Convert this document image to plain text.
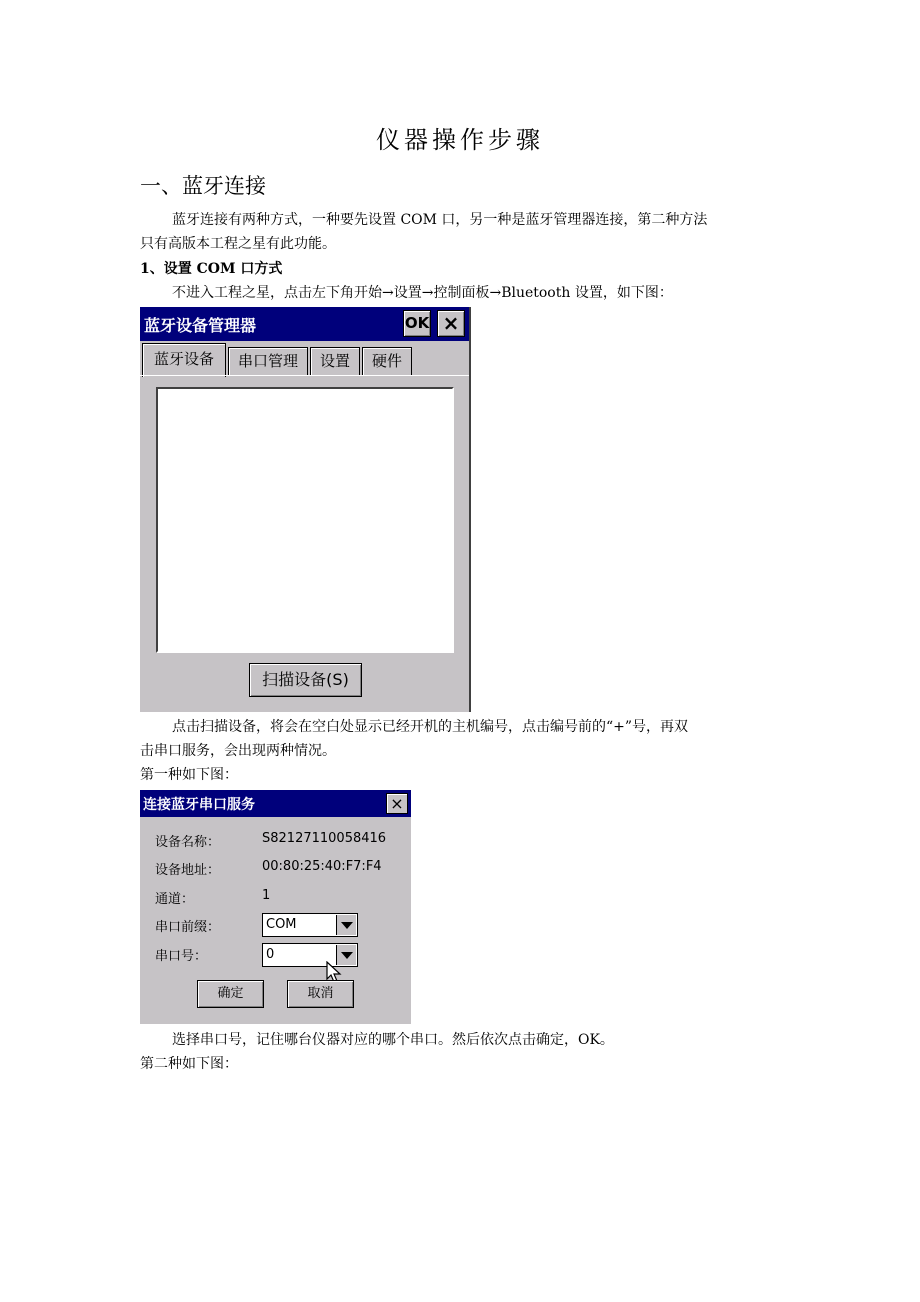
仪器操作步骤
一、蓝牙连接
蓝牙连接有两种方式，一种要先设置 COM 口，另一种是蓝牙管理器连接，第二种方法
只有高版本工程之星有此功能。
1、设置 COM 口方式
不进入工程之星，点击左下角开始→设置→控制面板→Bluetooth 设置，如下图：
蓝牙设备管理器	OK ×
蓝牙设备	串口管理	设置	硬件
扫描设备(S)
点击扫描设备，将会在空白处显示已经开机的主机编号，点击编号前的“+”号，再双
击串口服务，会出现两种情况。
第一种如下图：
连接蓝牙串口服务	×
设备名称：	S82127110058416
设备地址：	00:80:25:40:F7:F4
通道：	1
串口前缀：	COM
串口号：	0
确定	取消
选择串口号，记住哪台仪器对应的哪个串口。然后依次点击确定，OK。
第二种如下图：
